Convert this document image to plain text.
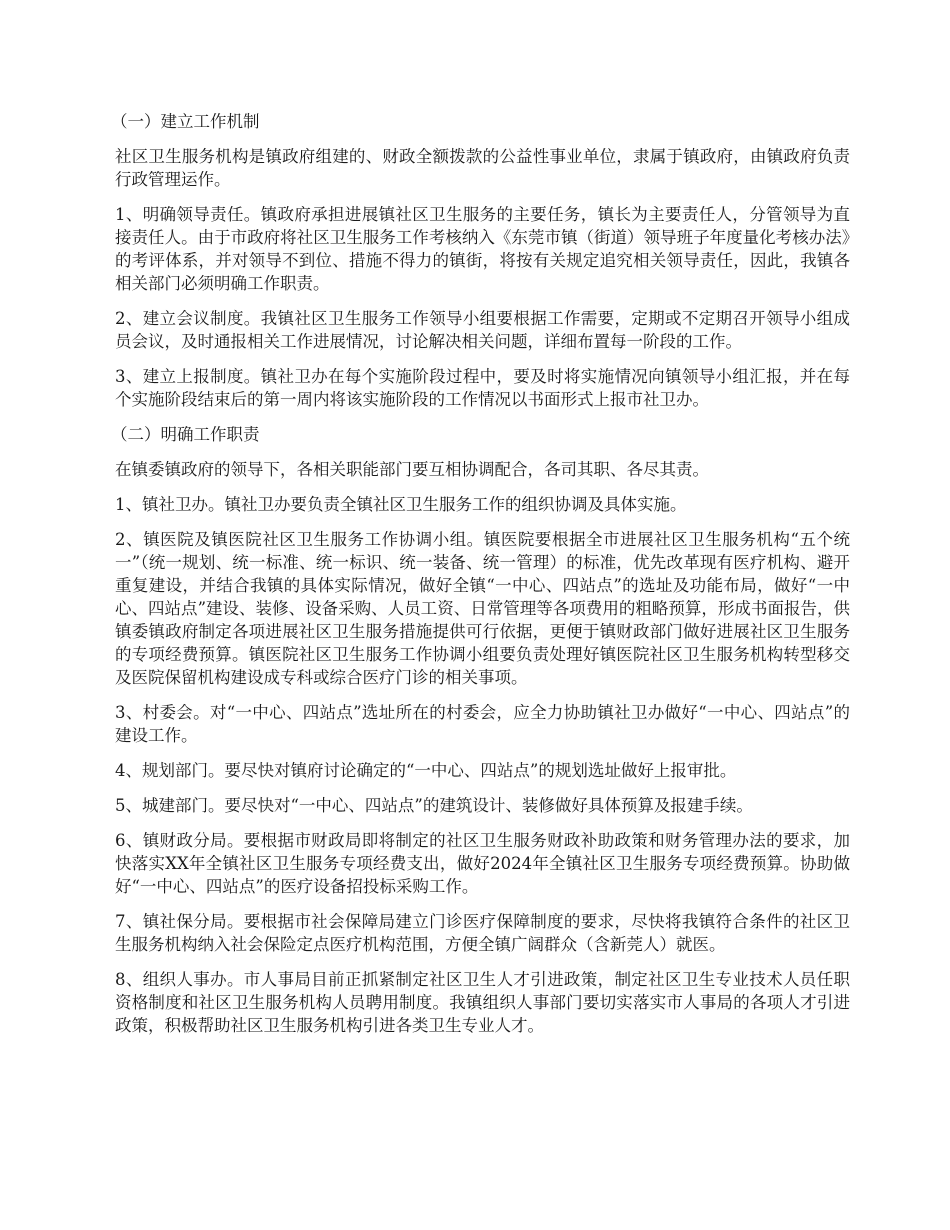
（一）建立工作机制

社区卫生服务机构是镇政府组建的、财政全额拨款的公益性事业单位，隶属于镇政府，由镇政府负责行政管理运作。

1、明确领导责任。镇政府承担进展镇社区卫生服务的主要任务，镇长为主要责任人，分管领导为直接责任人。由于市政府将社区卫生服务工作考核纳入《东莞市镇（街道）领导班子年度量化考核办法》的考评体系，并对领导不到位、措施不得力的镇街，将按有关规定追究相关领导责任，因此，我镇各相关部门必须明确工作职责。

2、建立会议制度。我镇社区卫生服务工作领导小组要根据工作需要，定期或不定期召开领导小组成员会议，及时通报相关工作进展情况，讨论解决相关问题，详细布置每一阶段的工作。

3、建立上报制度。镇社卫办在每个实施阶段过程中，要及时将实施情况向镇领导小组汇报，并在每个实施阶段结束后的第一周内将该实施阶段的工作情况以书面形式上报市社卫办。

（二）明确工作职责

在镇委镇政府的领导下，各相关职能部门要互相协调配合，各司其职、各尽其责。

1、镇社卫办。镇社卫办要负责全镇社区卫生服务工作的组织协调及具体实施。

2、镇医院及镇医院社区卫生服务工作协调小组。镇医院要根据全市进展社区卫生服务机构“五个统一”（统一规划、统一标准、统一标识、统一装备、统一管理）的标准，优先改革现有医疗机构、避开重复建设，并结合我镇的具体实际情况，做好全镇“一中心、四站点”的选址及功能布局，做好“一中心、四站点”建设、装修、设备采购、人员工资、日常管理等各项费用的粗略预算，形成书面报告，供镇委镇政府制定各项进展社区卫生服务措施提供可行依据，更便于镇财政部门做好进展社区卫生服务的专项经费预算。镇医院社区卫生服务工作协调小组要负责处理好镇医院社区卫生服务机构转型移交及医院保留机构建设成专科或综合医疗门诊的相关事项。

3、村委会。对“一中心、四站点”选址所在的村委会，应全力协助镇社卫办做好“一中心、四站点”的建设工作。

4、规划部门。要尽快对镇府讨论确定的“一中心、四站点”的规划选址做好上报审批。

5、城建部门。要尽快对“一中心、四站点”的建筑设计、装修做好具体预算及报建手续。

6、镇财政分局。要根据市财政局即将制定的社区卫生服务财政补助政策和财务管理办法的要求，加快落实XX年全镇社区卫生服务专项经费支出，做好2024年全镇社区卫生服务专项经费预算。协助做好“一中心、四站点”的医疗设备招投标采购工作。

7、镇社保分局。要根据市社会保障局建立门诊医疗保障制度的要求，尽快将我镇符合条件的社区卫生服务机构纳入社会保险定点医疗机构范围，方便全镇广阔群众（含新莞人）就医。

8、组织人事办。市人事局目前正抓紧制定社区卫生人才引进政策，制定社区卫生专业技术人员任职资格制度和社区卫生服务机构人员聘用制度。我镇组织人事部门要切实落实市人事局的各项人才引进政策，积极帮助社区卫生服务机构引进各类卫生专业人才。
